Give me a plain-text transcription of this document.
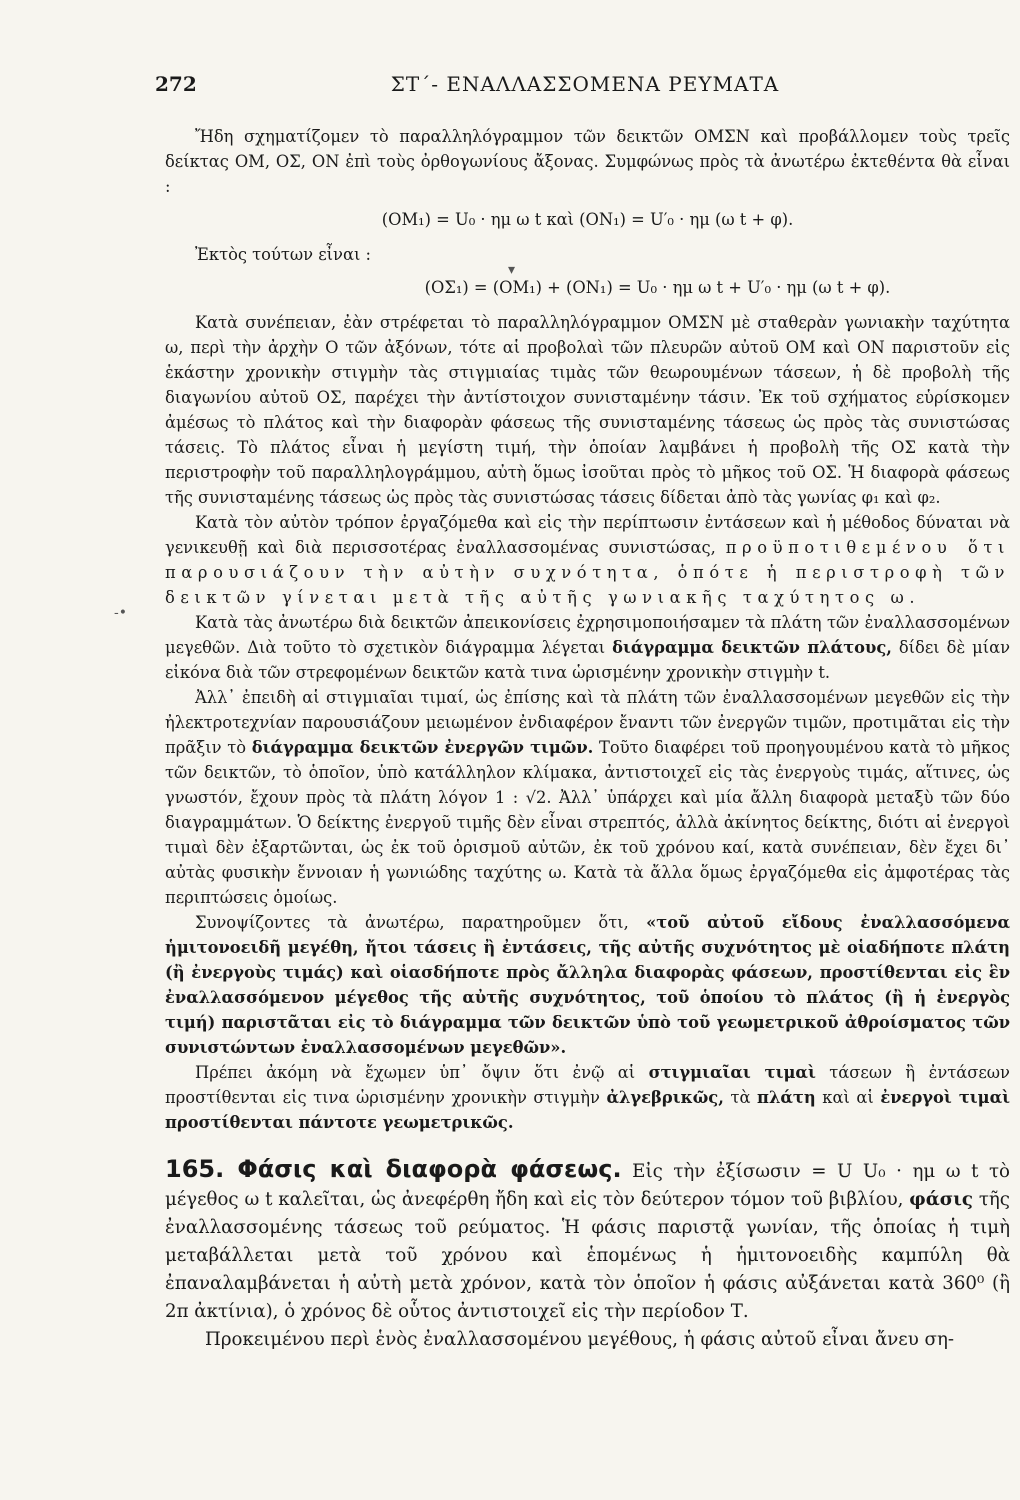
272	ΣΤ΄- ΕΝΑΛΛΑΣΣΟΜΕΝΑ ΡΕΥΜΑΤΑ

Ἤδη σχηματίζομεν τὸ παραλληλόγραμμον τῶν δεικτῶν ΟΜΣΝ καὶ προβάλλομεν τοὺς τρεῖς δείκτας ΟΜ, ΟΣ, ΟΝ ἐπὶ τοὺς ὀρθογωνίους ἄξονας. Συμφώνως πρὸς τὰ ἀνωτέρω ἐκτεθέντα θὰ εἶναι :

(ΟΜ₁) = U₀ · ημ ω t καὶ (ΟΝ₁) = U′₀ · ημ (ω t + φ).

Ἐκτὸς τούτων εἶναι :

(ΟΣ₁) = (ΟΜ₁) + (ΟΝ₁) = U₀ · ημ ω t + U′₀ · ημ (ω t + φ).

Κατὰ συνέπειαν, ἐὰν στρέφεται τὸ παραλληλόγραμμον ΟΜΣΝ μὲ σταθερὰν γωνιακὴν ταχύτητα ω, περὶ τὴν ἀρχὴν Ο τῶν ἀξόνων, τότε αἱ προβολαὶ τῶν πλευρῶν αὐτοῦ ΟΜ καὶ ΟΝ παριστοῦν εἰς ἑκάστην χρονικὴν στιγμὴν τὰς στιγμιαίας τιμὰς τῶν θεωρουμένων τάσεων, ἡ δὲ προβολὴ τῆς διαγωνίου αὐτοῦ ΟΣ, παρέχει τὴν ἀντίστοιχον συνισταμένην τάσιν. Ἐκ τοῦ σχήματος εὑρίσκομεν ἀμέσως τὸ πλάτος καὶ τὴν διαφορὰν φάσεως τῆς συνισταμένης τάσεως ὡς πρὸς τὰς συνιστώσας τάσεις. Τὸ πλάτος εἶναι ἡ μεγίστη τιμή, τὴν ὁποίαν λαμβάνει ἡ προβολὴ τῆς ΟΣ κατὰ τὴν περιστροφὴν τοῦ παραλληλογράμμου, αὐτὴ ὅμως ἰσοῦται πρὸς τὸ μῆκος τοῦ ΟΣ. Ἡ διαφορὰ φάσεως τῆς συνισταμένης τάσεως ὡς πρὸς τὰς συνιστώσας τάσεις δίδεται ἀπὸ τὰς γωνίας φ₁ καὶ φ₂.

Κατὰ τὸν αὐτὸν τρόπον ἐργαζόμεθα καὶ εἰς τὴν περίπτωσιν ἐντάσεων καὶ ἡ μέθοδος δύναται νὰ γενικευθῇ καὶ διὰ περισσοτέρας ἐναλλασσομένας συνιστώσας, προϋποτιθεμένου ὅτι παρουσιάζουν τὴν αὐτὴν συχνότητα, ὁπότε ἡ περιστροφὴ τῶν δεικτῶν γίνεται μετὰ τῆς αὐτῆς γωνιακῆς ταχύτητος ω.

Κατὰ τὰς ἀνωτέρω διὰ δεικτῶν ἀπεικονίσεις ἐχρησιμοποιήσαμεν τὰ πλάτη τῶν ἐναλλασσομένων μεγεθῶν. Διὰ τοῦτο τὸ σχετικὸν διάγραμμα λέγεται διάγραμμα δεικτῶν πλάτους, δίδει δὲ μίαν εἰκόνα διὰ τῶν στρεφομένων δεικτῶν κατὰ τινα ὡρισμένην χρονικὴν στιγμὴν t.

Ἀλλ᾽ ἐπειδὴ αἱ στιγμιαῖαι τιμαί, ὡς ἐπίσης καὶ τὰ πλάτη τῶν ἐναλλασσομένων μεγεθῶν εἰς τὴν ἠλεκτροτεχνίαν παρουσιάζουν μειωμένον ἐνδιαφέρον ἔναντι τῶν ἐνεργῶν τιμῶν, προτιμᾶται εἰς τὴν πρᾶξιν τὸ διάγραμμα δεικτῶν ἐνεργῶν τιμῶν. Τοῦτο διαφέρει τοῦ προηγουμένου κατὰ τὸ μῆκος τῶν δεικτῶν, τὸ ὁποῖον, ὑπὸ κατάλληλον κλίμακα, ἀντιστοιχεῖ εἰς τὰς ἐνεργοὺς τιμάς, αἵτινες, ὡς γνωστόν, ἔχουν πρὸς τὰ πλάτη λόγον 1 : √2. Ἀλλ᾽ ὑπάρχει καὶ μία ἄλλη διαφορὰ μεταξὺ τῶν δύο διαγραμμάτων. Ὁ δείκτης ἐνεργοῦ τιμῆς δὲν εἶναι στρεπτός, ἀλλὰ ἀκίνητος δείκτης, διότι αἱ ἐνεργοὶ τιμαὶ δὲν ἐξαρτῶνται, ὡς ἐκ τοῦ ὁρισμοῦ αὐτῶν, ἐκ τοῦ χρόνου καί, κατὰ συνέπειαν, δὲν ἔχει δι᾽ αὐτὰς φυσικὴν ἔννοιαν ἡ γωνιώδης ταχύτης ω. Κατὰ τὰ ἄλλα ὅμως ἐργαζόμεθα εἰς ἀμφοτέρας τὰς περιπτώσεις ὁμοίως.

Συνοψίζοντες τὰ ἀνωτέρω, παρατηροῦμεν ὅτι, «τοῦ αὐτοῦ εἴδους ἐναλλασσόμενα ἡμιτονοειδῆ μεγέθη, ἤτοι τάσεις ἢ ἐντάσεις, τῆς αὐτῆς συχνότητος μὲ οἱαδήποτε πλάτη (ἢ ἐνεργοὺς τιμάς) καὶ οἱασδήποτε πρὸς ἄλληλα διαφορὰς φάσεων, προστίθενται εἰς ἓν ἐναλλασσόμενον μέγεθος τῆς αὐτῆς συχνότητος, τοῦ ὁποίου τὸ πλάτος (ἢ ἡ ἐνεργὸς τιμή) παριστᾶται εἰς τὸ διάγραμμα τῶν δεικτῶν ὑπὸ τοῦ γεωμετρικοῦ ἀθροίσματος τῶν συνιστώντων ἐναλλασσομένων μεγεθῶν».

Πρέπει ἀκόμη νὰ ἔχωμεν ὑπ᾽ ὄψιν ὅτι ἐνῷ αἱ στιγμιαῖαι τιμαὶ τάσεων ἢ ἐντάσεων προστίθενται εἰς τινα ὡρισμένην χρονικὴν στιγμὴν ἀλγεβρικῶς, τὰ πλάτη καὶ αἱ ἐνεργοὶ τιμαὶ προστίθενται πάντοτε γεωμετρικῶς.

165. Φάσις καὶ διαφορὰ φάσεως. Εἰς τὴν ἐξίσωσιν = U U₀ · ημ ω t τὸ μέγεθος ω t καλεῖται, ὡς ἀνεφέρθη ἤδη καὶ εἰς τὸν δεύτερον τόμον τοῦ βιβλίου, φάσις τῆς ἐναλλασσομένης τάσεως τοῦ ρεύματος. Ἡ φάσις παριστᾷ γωνίαν, τῆς ὁποίας ἡ τιμὴ μεταβάλλεται μετὰ τοῦ χρόνου καὶ ἑπομένως ἡ ἡμιτονοειδὴς καμπύλη θὰ ἐπαναλαμβάνεται ἡ αὐτὴ μετὰ χρόνον, κατὰ τὸν ὁποῖον ἡ φάσις αὐξάνεται κατὰ 360⁰ (ἢ 2π ἀκτίνια), ὁ χρόνος δὲ οὗτος ἀντιστοιχεῖ εἰς τὴν περίοδον Τ.

Προκειμένου περὶ ἑνὸς ἐναλλασσομένου μεγέθους, ἡ φάσις αὐτοῦ εἶναι ἄνευ ση-

▾
-•
